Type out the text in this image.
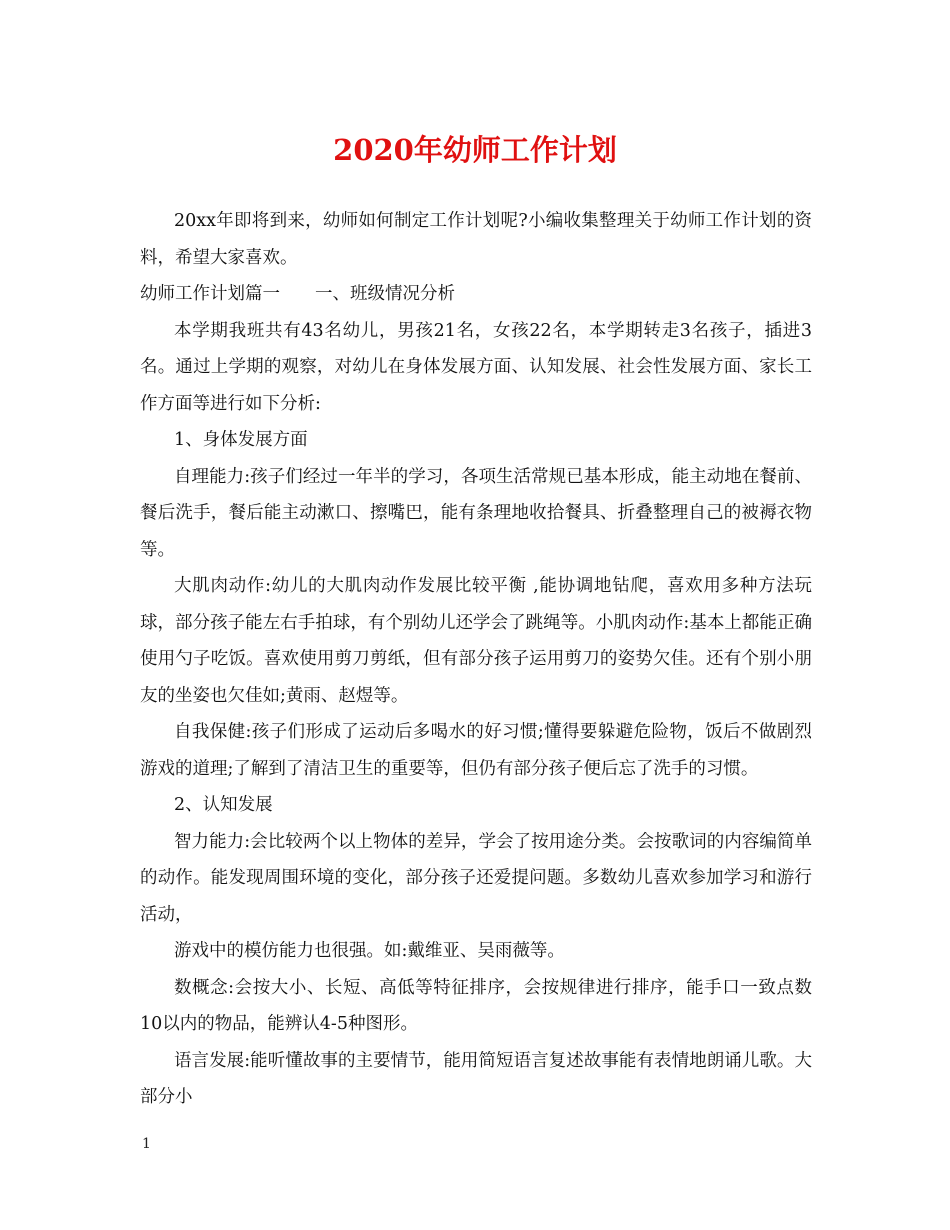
2020年幼师工作计划

20xx年即将到来，幼师如何制定工作计划呢?小编收集整理关于幼师工作计划的资料，希望大家喜欢。

幼师工作计划篇一　　一、班级情况分析

本学期我班共有43名幼儿，男孩21名，女孩22名，本学期转走3名孩子，插进3名。通过上学期的观察，对幼儿在身体发展方面、认知发展、社会性发展方面、家长工作方面等进行如下分析:

1、身体发展方面

自理能力:孩子们经过一年半的学习，各项生活常规已基本形成，能主动地在餐前、餐后洗手，餐后能主动漱口、擦嘴巴，能有条理地收拾餐具、折叠整理自己的被褥衣物等。

大肌肉动作:幼儿的大肌肉动作发展比较平衡 ,能协调地钻爬，喜欢用多种方法玩球，部分孩子能左右手拍球，有个别幼儿还学会了跳绳等。小肌肉动作:基本上都能正确使用勺子吃饭。喜欢使用剪刀剪纸，但有部分孩子运用剪刀的姿势欠佳。还有个别小朋友的坐姿也欠佳如;黄雨、赵煜等。

自我保健:孩子们形成了运动后多喝水的好习惯;懂得要躲避危险物，饭后不做剧烈游戏的道理;了解到了清洁卫生的重要等，但仍有部分孩子便后忘了洗手的习惯。

2、认知发展

智力能力:会比较两个以上物体的差异，学会了按用途分类。会按歌词的内容编简单的动作。能发现周围环境的变化，部分孩子还爱提问题。多数幼儿喜欢参加学习和游行活动，

游戏中的模仿能力也很强。如:戴维亚、吴雨薇等。

数概念:会按大小、长短、高低等特征排序，会按规律进行排序，能手口一致点数10以内的物品，能辨认4-5种图形。

语言发展:能听懂故事的主要情节，能用简短语言复述故事能有表情地朗诵儿歌。大部分小

1
